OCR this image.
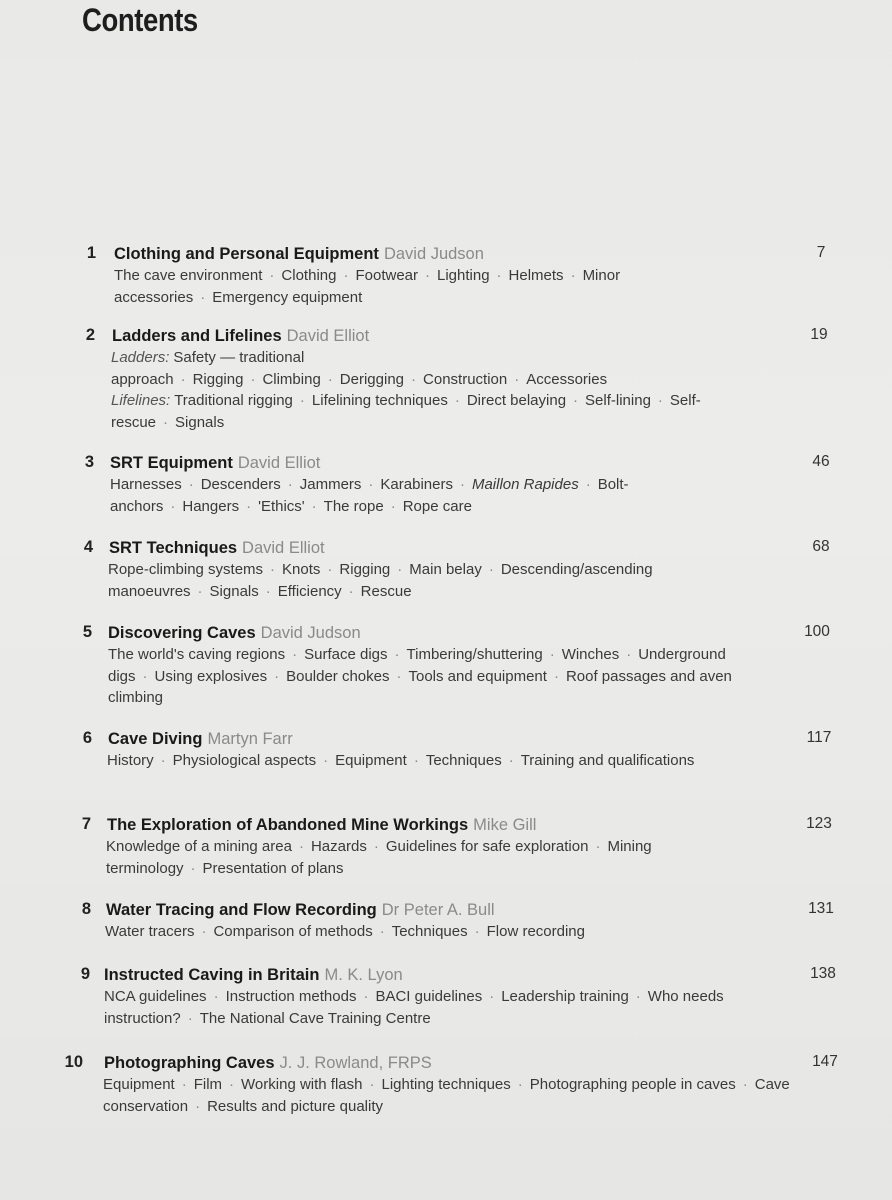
Contents
1 Clothing and Personal Equipment David Judson	7

The cave environment · Clothing · Footwear · Lighting · Helmets · Minor accessories · Emergency equipment

2 Ladders and Lifelines David Elliot	19

Ladders: Safety — traditional approach · Rigging · Climbing · Derigging · Construction · Accessories

Lifelines: Traditional rigging · Lifelining techniques · Direct belaying · Self-lining · Self-rescue · Signals

3 SRT Equipment David Elliot	46

Harnesses · Descenders · Jammers · Karabiners · Maillon Rapides · Bolt-anchors · Hangers · 'Ethics' · The rope · Rope care

4 SRT Techniques David Elliot	68

Rope-climbing systems · Knots · Rigging · Main belay · Descending/ascending manoeuvres · Signals · Efficiency · Rescue

5 Discovering Caves David Judson	100

The world's caving regions · Surface digs · Timbering/shuttering · Winches · Underground digs · Using explosives · Boulder chokes · Tools and equipment · Roof passages and aven climbing

6 Cave Diving Martyn Farr	117

History · Physiological aspects · Equipment · Techniques · Training and qualifications

7 The Exploration of Abandoned Mine Workings Mike Gill	123

Knowledge of a mining area · Hazards · Guidelines for safe exploration · Mining terminology · Presentation of plans

8 Water Tracing and Flow Recording Dr Peter A. Bull	131

Water tracers · Comparison of methods · Techniques · Flow recording

9 Instructed Caving in Britain M. K. Lyon	138

NCA guidelines · Instruction methods · BACI guidelines · Leadership training · Who needs instruction? · The National Cave Training Centre

10 Photographing Caves J. J. Rowland, FRPS	147

Equipment · Film · Working with flash · Lighting techniques · Photographing people in caves · Cave conservation · Results and picture quality
